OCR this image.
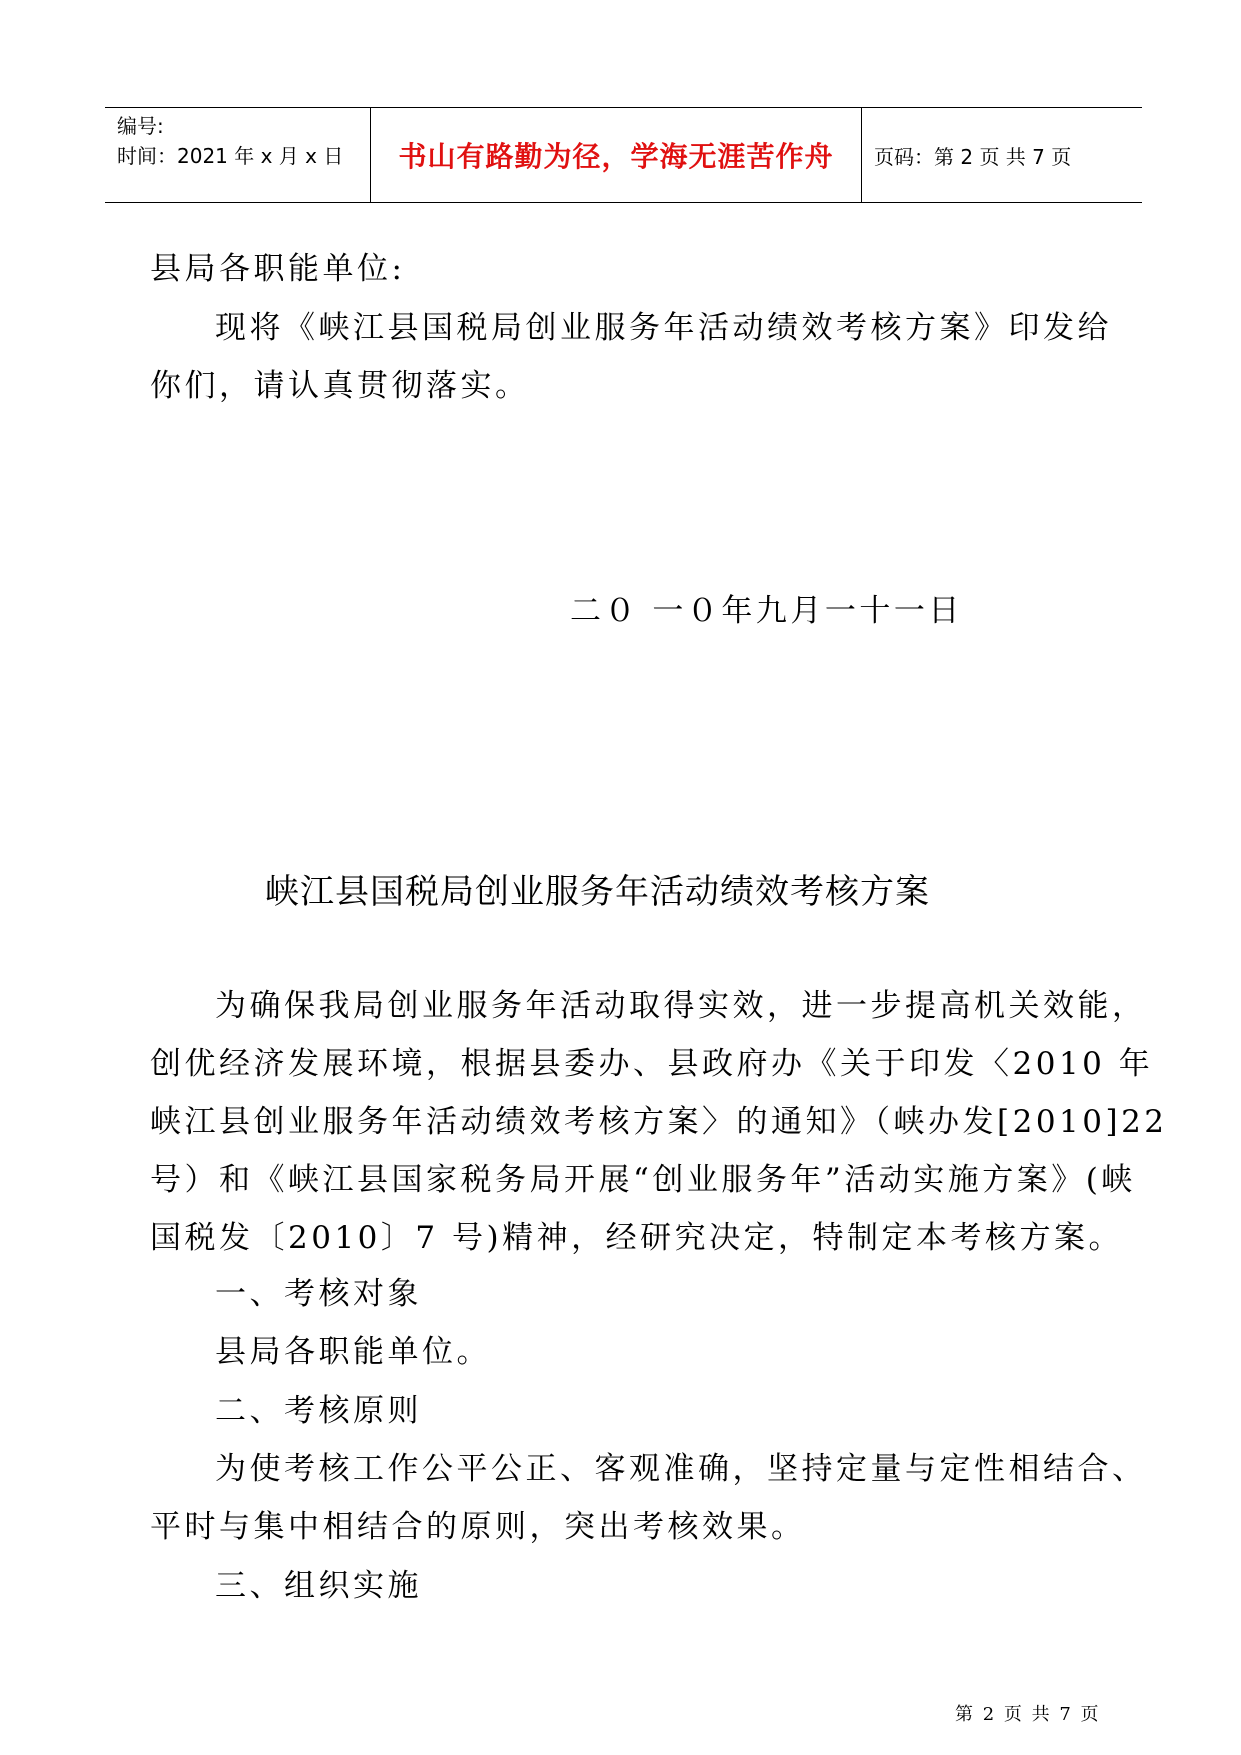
编号:
时间：2021 年 x 月 x 日 书山有路勤为径，学海无涯苦作舟	页码：第 2 页 共 7 页
县局各职能单位:
现将《峡江县国税局创业服务年活动绩效考核方案》印发给
你们，请认真贯彻落实。
二０ 一０年九月一十一日
峡江县国税局创业服务年活动绩效考核方案
为确保我局创业服务年活动取得实效，进一步提高机关效能，
创优经济发展环境，根据县委办、县政府办《关于印发〈2010 年
峡江县创业服务年活动绩效考核方案〉的通知》（峡办发[2010]22
号）和《峡江县国家税务局开展“创业服务年”活动实施方案》(峡
国税发〔2010〕7 号)精神，经研究决定，特制定本考核方案。
一、考核对象
县局各职能单位。
二、考核原则
为使考核工作公平公正、客观准确，坚持定量与定性相结合、
平时与集中相结合的原则，突出考核效果。
三、组织实施
第 2 页 共 7 页
